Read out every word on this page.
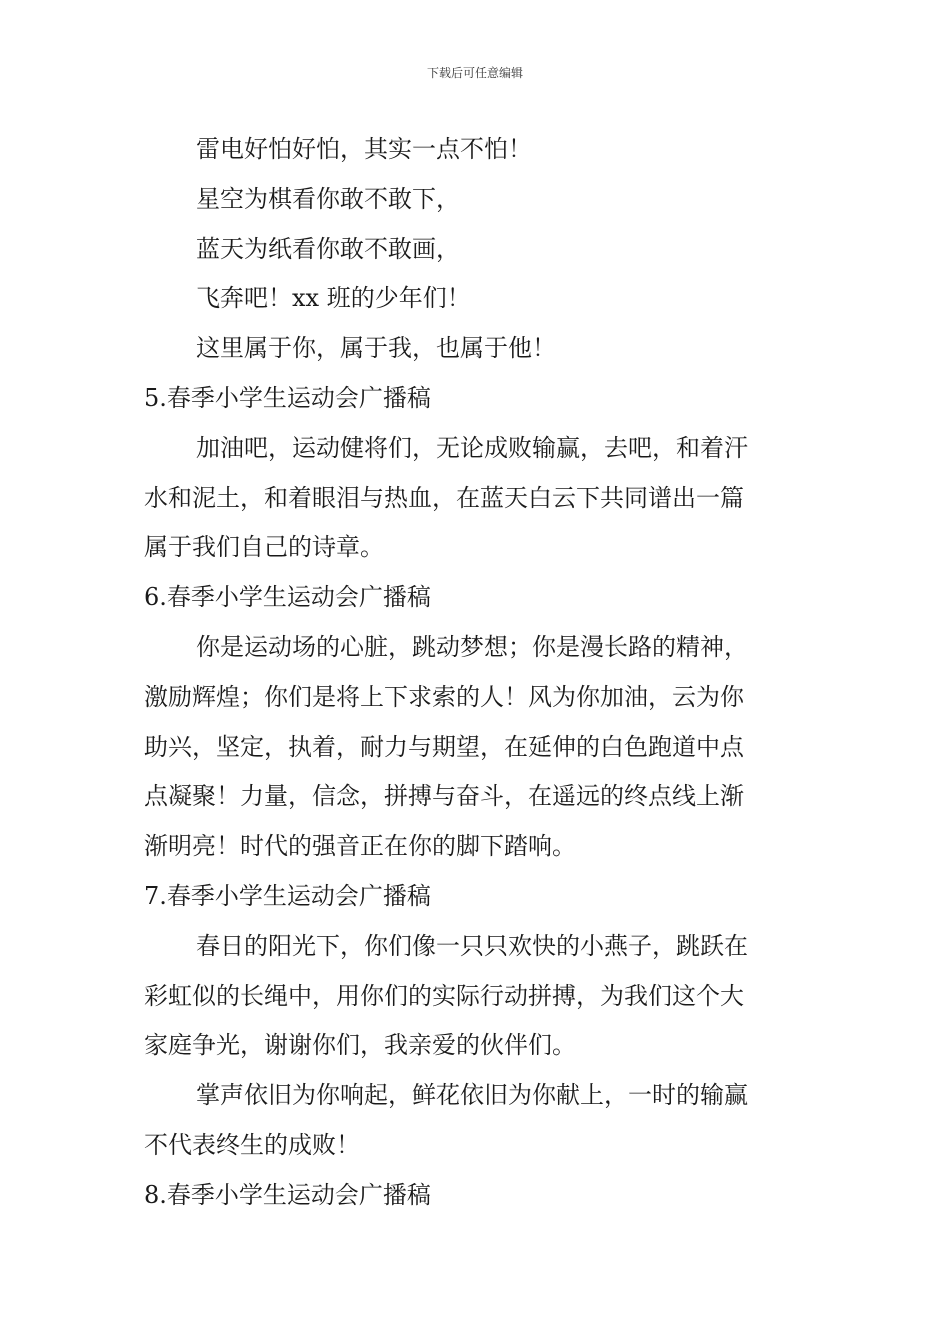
下载后可任意编辑
雷电好怕好怕，其实一点不怕！
星空为棋看你敢不敢下，
蓝天为纸看你敢不敢画，
飞奔吧！xx 班的少年们！
这里属于你，属于我，也属于他！
5.春季小学生运动会广播稿
加油吧，运动健将们，无论成败输赢，去吧，和着汗
水和泥土，和着眼泪与热血，在蓝天白云下共同谱出一篇
属于我们自己的诗章。
6.春季小学生运动会广播稿
你是运动场的心脏，跳动梦想；你是漫长路的精神，
激励辉煌；你们是将上下求索的人！风为你加油，云为你
助兴，坚定，执着，耐力与期望，在延伸的白色跑道中点
点凝聚！力量，信念，拼搏与奋斗，在遥远的终点线上渐
渐明亮！时代的强音正在你的脚下踏响。
7.春季小学生运动会广播稿
春日的阳光下，你们像一只只欢快的小燕子，跳跃在
彩虹似的长绳中，用你们的实际行动拼搏，为我们这个大
家庭争光，谢谢你们，我亲爱的伙伴们。
掌声依旧为你响起，鲜花依旧为你献上，一时的输赢
不代表终生的成败！
8.春季小学生运动会广播稿
